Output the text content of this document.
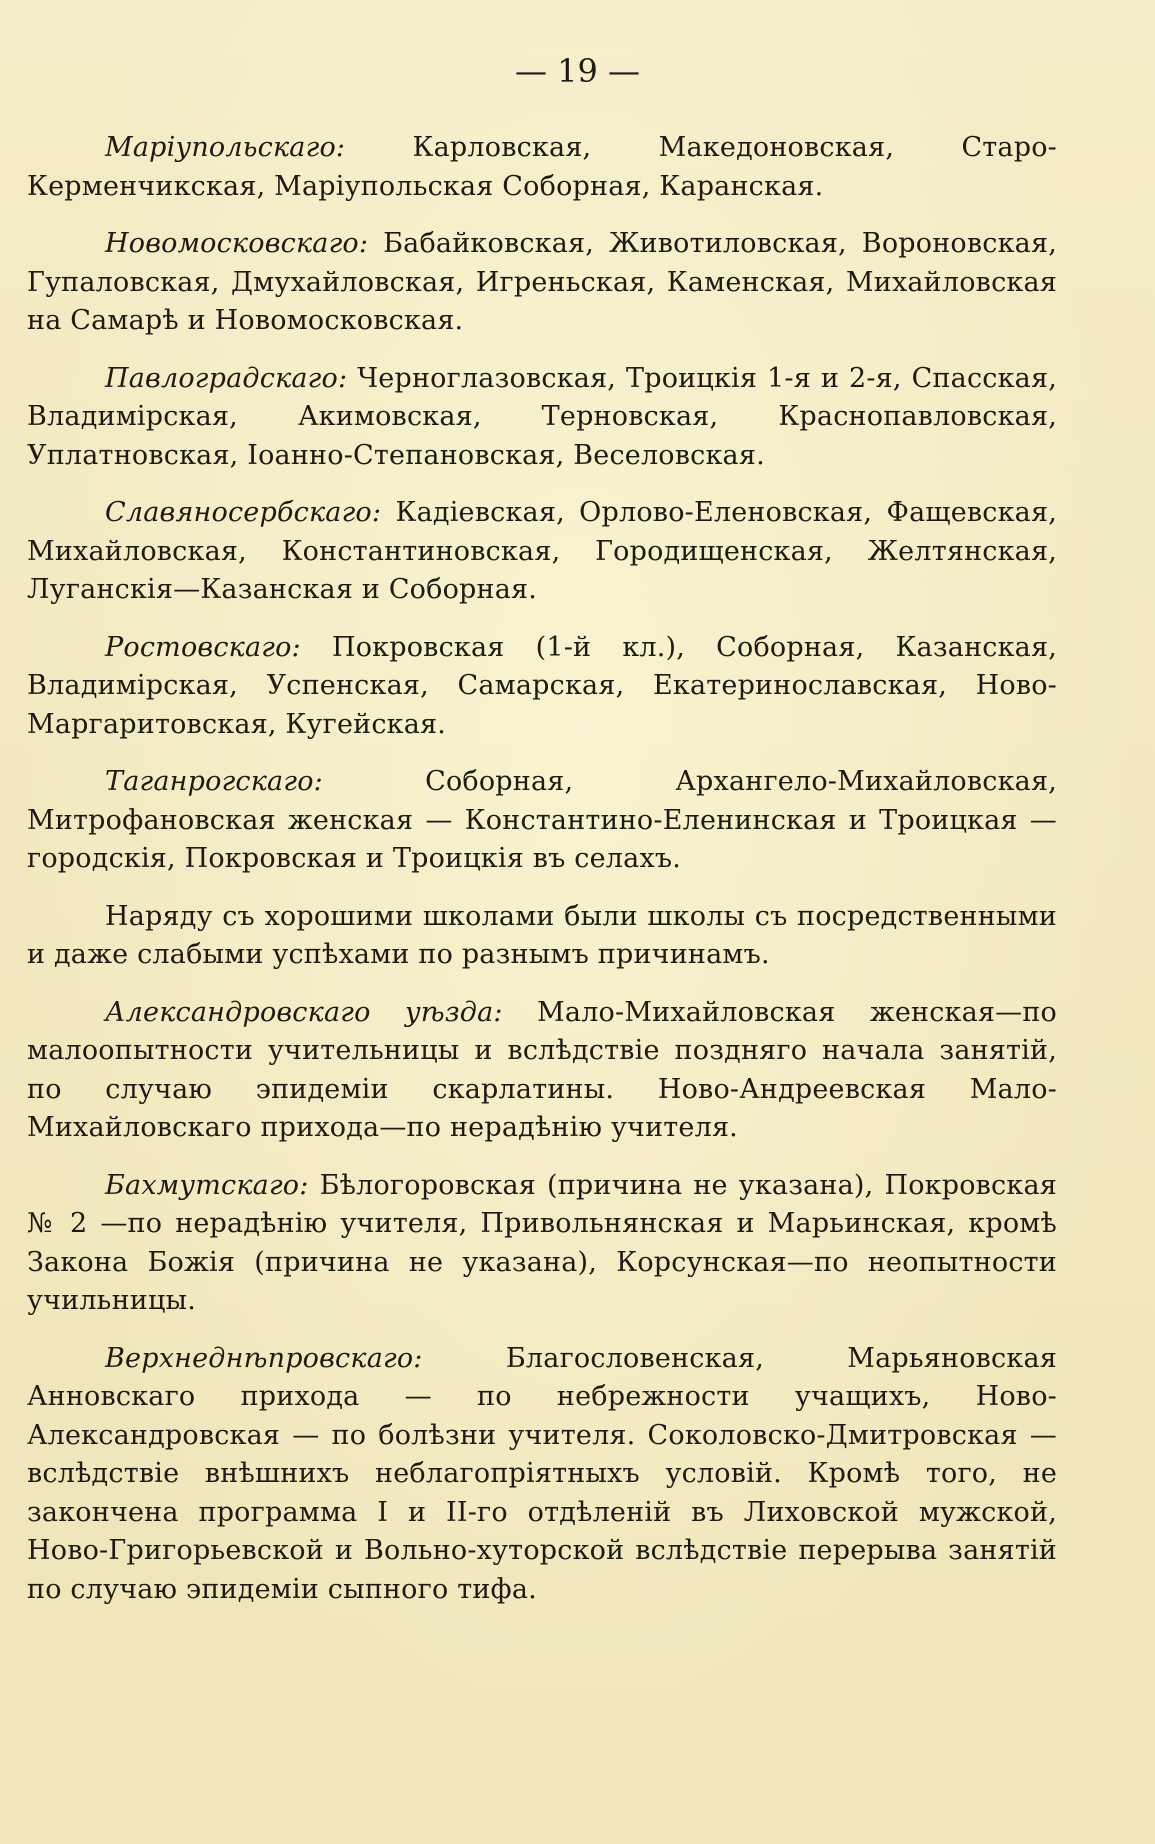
— 19 —

Маріупольскаго: Карловская, Македоновская, Старо-Керменчикская, Маріупольская Соборная, Каранская.

Новомосковскаго: Бабайковская, Животиловская, Вороновская, Гупаловская, Дмухайловская, Игреньская, Каменская, Михайловская на Самарѣ и Новомосковская.

Павлоградскаго: Черноглазовская, Троицкія 1-я и 2-я, Спасская, Владимірская, Акимовская, Терновская, Краснопавловская, Уплатновская, Іоанно-Степановская, Веселовская.

Славяносербскаго: Кадіевская, Орлово-Еленовская, Фащевская, Михайловская, Константиновская, Городищенская, Желтянская, Луганскія—Казанская и Соборная.

Ростовскаго: Покровская (1-й кл.), Соборная, Казанская, Владимірская, Успенская, Самарская, Екатеринославская, Ново-Маргаритовская, Кугейская.

Таганрогскаго: Соборная, Архангело-Михайловская, Митрофановская женская — Константино-Еленинская и Троицкая — городскія, Покровская и Троицкія въ селахъ.

Наряду съ хорошими школами были школы съ посредственными и даже слабыми успѣхами по разнымъ причинамъ.

Александровскаго уѣзда: Мало-Михайловская женская—по малоопытности учительницы и вслѣдствіе поздняго начала занятій, по случаю эпидеміи скарлатины. Ново-Андреевская Мало-Михайловскаго прихода—по нерадѣнію учителя.

Бахмутскаго: Бѣлогоровская (причина не указана), Покровская № 2 —по нерадѣнію учителя, Привольнянская и Марьинская, кромѣ Закона Божія (причина не указана), Корсунская—по неопытности учильницы.

Верхнеднѣпровскаго: Благословенская, Марьяновская Анновскаго прихода — по небрежности учащихъ, Ново-Александровская — по болѣзни учителя. Соколовско-Дмитровская — вслѣдствіе внѣшнихъ неблагопріятныхъ условій. Кромѣ того, не закончена программа I и II-го отдѣленій въ Лиховской мужской, Ново-Григорьевской и Вольно-хуторской вслѣдствіе перерыва занятій по случаю эпидеміи сыпного тифа.
